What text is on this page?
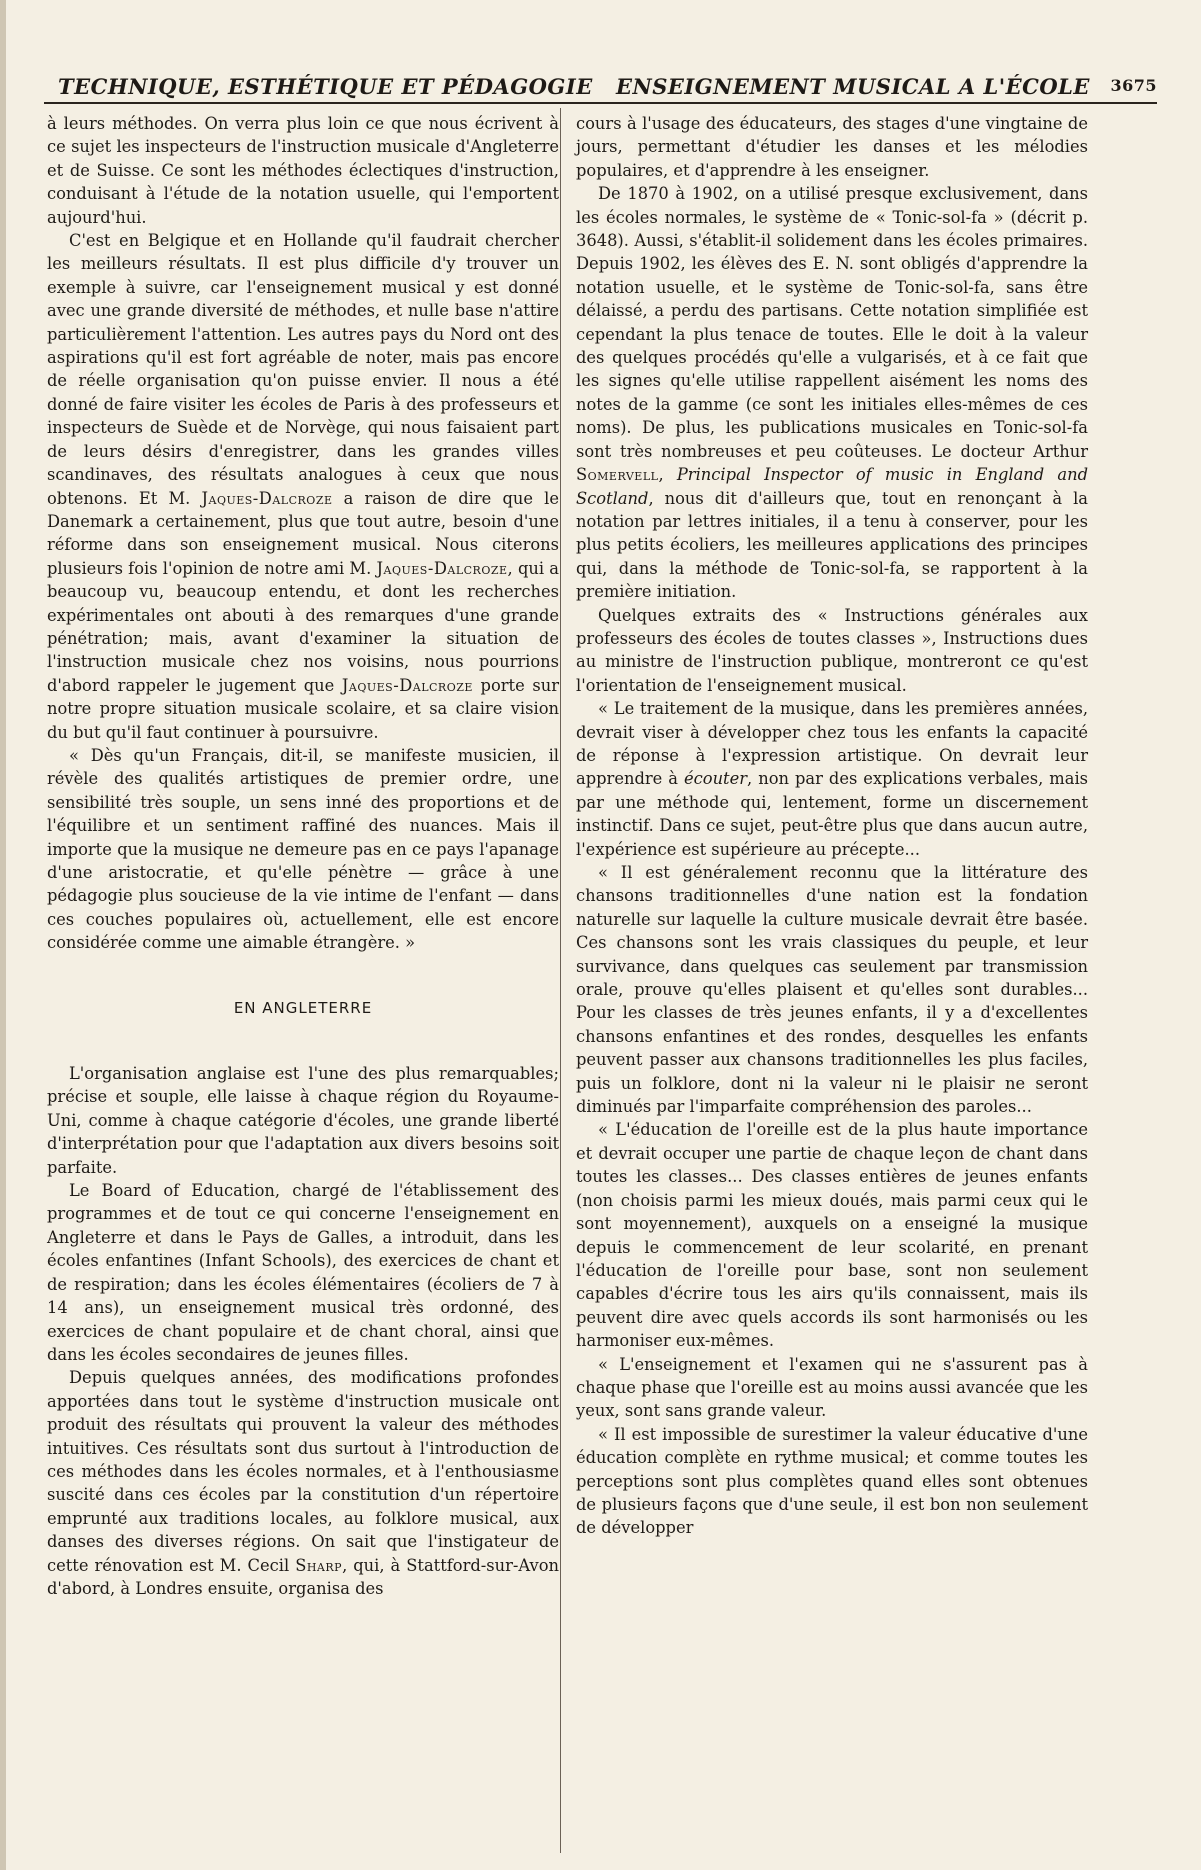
TECHNIQUE, ESTHÉTIQUE ET PÉDAGOGIE ENSEIGNEMENT MUSICAL A L'ÉCOLE 3675

à leurs méthodes. On verra plus loin ce que nous écrivent à ce sujet les inspecteurs de l'instruction musicale d'Angleterre et de Suisse. Ce sont les méthodes éclectiques d'instruction, conduisant à l'étude de la notation usuelle, qui l'emportent aujourd'hui.

C'est en Belgique et en Hollande qu'il faudrait chercher les meilleurs résultats. Il est plus difficile d'y trouver un exemple à suivre, car l'enseignement musical y est donné avec une grande diversité de méthodes, et nulle base n'attire particulièrement l'attention. Les autres pays du Nord ont des aspirations qu'il est fort agréable de noter, mais pas encore de réelle organisation qu'on puisse envier. Il nous a été donné de faire visiter les écoles de Paris à des professeurs et inspecteurs de Suède et de Norvège, qui nous faisaient part de leurs désirs d'enregistrer, dans les grandes villes scandinaves, des résultats analogues à ceux que nous obtenons. Et M. Jaques-Dalcroze a raison de dire que le Danemark a certainement, plus que tout autre, besoin d'une réforme dans son enseignement musical. Nous citerons plusieurs fois l'opinion de notre ami M. Jaques-Dalcroze, qui a beaucoup vu, beaucoup entendu, et dont les recherches expérimentales ont abouti à des remarques d'une grande pénétration; mais, avant d'examiner la situation de l'instruction musicale chez nos voisins, nous pourrions d'abord rappeler le jugement que Jaques-Dalcroze porte sur notre propre situation musicale scolaire, et sa claire vision du but qu'il faut continuer à poursuivre.

« Dès qu'un Français, dit-il, se manifeste musicien, il révèle des qualités artistiques de premier ordre, une sensibilité très souple, un sens inné des proportions et de l'équilibre et un sentiment raffiné des nuances. Mais il importe que la musique ne demeure pas en ce pays l'apanage d'une aristocratie, et qu'elle pénètre — grâce à une pédagogie plus soucieuse de la vie intime de l'enfant — dans ces couches populaires où, actuellement, elle est encore considérée comme une aimable étrangère. »

EN ANGLETERRE

L'organisation anglaise est l'une des plus remarquables; précise et souple, elle laisse à chaque région du Royaume-Uni, comme à chaque catégorie d'écoles, une grande liberté d'interprétation pour que l'adaptation aux divers besoins soit parfaite.

Le Board of Education, chargé de l'établissement des programmes et de tout ce qui concerne l'enseignement en Angleterre et dans le Pays de Galles, a introduit, dans les écoles enfantines (Infant Schools), des exercices de chant et de respiration; dans les écoles élémentaires (écoliers de 7 à 14 ans), un enseignement musical très ordonné, des exercices de chant populaire et de chant choral, ainsi que dans les écoles secondaires de jeunes filles.

Depuis quelques années, des modifications profondes apportées dans tout le système d'instruction musicale ont produit des résultats qui prouvent la valeur des méthodes intuitives. Ces résultats sont dus surtout à l'introduction de ces méthodes dans les écoles normales, et à l'enthousiasme suscité dans ces écoles par la constitution d'un répertoire emprunté aux traditions locales, au folklore musical, aux danses des diverses régions. On sait que l'instigateur de cette rénovation est M. Cecil Sharp, qui, à Stattford-sur-Avon d'abord, à Londres ensuite, organisa des

cours à l'usage des éducateurs, des stages d'une vingtaine de jours, permettant d'étudier les danses et les mélodies populaires, et d'apprendre à les enseigner.

De 1870 à 1902, on a utilisé presque exclusivement, dans les écoles normales, le système de « Tonic-sol-fa » (décrit p. 3648). Aussi, s'établit-il solidement dans les écoles primaires. Depuis 1902, les élèves des E. N. sont obligés d'apprendre la notation usuelle, et le système de Tonic-sol-fa, sans être délaissé, a perdu des partisans. Cette notation simplifiée est cependant la plus tenace de toutes. Elle le doit à la valeur des quelques procédés qu'elle a vulgarisés, et à ce fait que les signes qu'elle utilise rappellent aisément les noms des notes de la gamme (ce sont les initiales elles-mêmes de ces noms). De plus, les publications musicales en Tonic-sol-fa sont très nombreuses et peu coûteuses. Le docteur Arthur Somervell, Principal Inspector of music in England and Scotland, nous dit d'ailleurs que, tout en renonçant à la notation par lettres initiales, il a tenu à conserver, pour les plus petits écoliers, les meilleures applications des principes qui, dans la méthode de Tonic-sol-fa, se rapportent à la première initiation.

Quelques extraits des « Instructions générales aux professeurs des écoles de toutes classes », Instructions dues au ministre de l'instruction publique, montreront ce qu'est l'orientation de l'enseignement musical.

« Le traitement de la musique, dans les premières années, devrait viser à développer chez tous les enfants la capacité de réponse à l'expression artistique. On devrait leur apprendre à écouter, non par des explications verbales, mais par une méthode qui, lentement, forme un discernement instinctif. Dans ce sujet, peut-être plus que dans aucun autre, l'expérience est supérieure au précepte...

« Il est généralement reconnu que la littérature des chansons traditionnelles d'une nation est la fondation naturelle sur laquelle la culture musicale devrait être basée. Ces chansons sont les vrais classiques du peuple, et leur survivance, dans quelques cas seulement par transmission orale, prouve qu'elles plaisent et qu'elles sont durables... Pour les classes de très jeunes enfants, il y a d'excellentes chansons enfantines et des rondes, desquelles les enfants peuvent passer aux chansons traditionnelles les plus faciles, puis un folklore, dont ni la valeur ni le plaisir ne seront diminués par l'imparfaite compréhension des paroles...

« L'éducation de l'oreille est de la plus haute importance et devrait occuper une partie de chaque leçon de chant dans toutes les classes... Des classes entières de jeunes enfants (non choisis parmi les mieux doués, mais parmi ceux qui le sont moyennement), auxquels on a enseigné la musique depuis le commencement de leur scolarité, en prenant l'éducation de l'oreille pour base, sont non seulement capables d'écrire tous les airs qu'ils connaissent, mais ils peuvent dire avec quels accords ils sont harmonisés ou les harmoniser eux-mêmes.

« L'enseignement et l'examen qui ne s'assurent pas à chaque phase que l'oreille est au moins aussi avancée que les yeux, sont sans grande valeur.

« Il est impossible de surestimer la valeur éducative d'une éducation complète en rythme musical; et comme toutes les perceptions sont plus complètes quand elles sont obtenues de plusieurs façons que d'une seule, il est bon non seulement de développer
